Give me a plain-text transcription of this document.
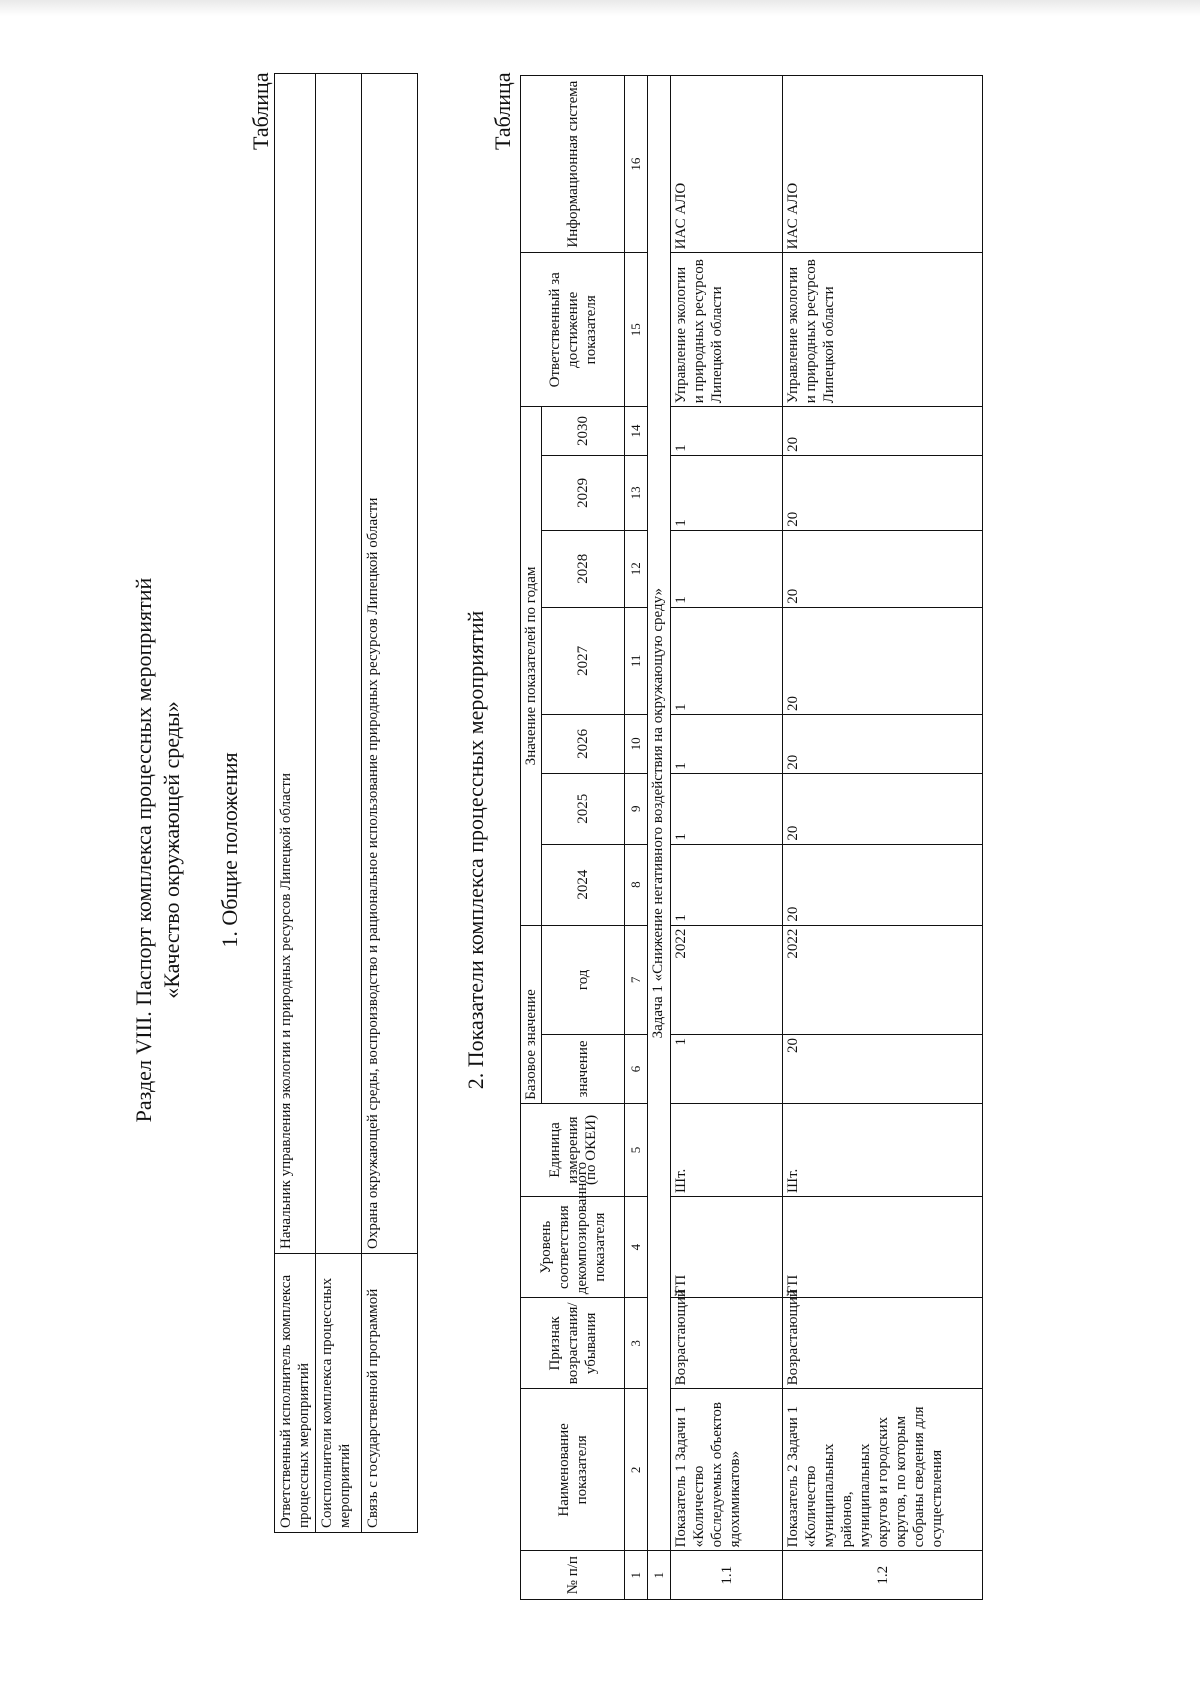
Раздел VIII. Паспорт комплекса процессных мероприятий «Качество окружающей среды» 1. Общие положения
Таблица
Ответственный исполнитель комплекса процессных мероприятий	Начальник управления экологии и природных ресурсов Липецкой области
Соисполнители комплекса процессных мероприятий	
Связь с государственной программой	Охрана окружающей среды, воспроизводство и рациональное использование природных ресурсов Липецкой области	2. Показатели комплекса процессных мероприятий
Таблица
№ п/п	Наименование показателя	Признак возрастания/ убывания	Уровень соответствия декомпозированного показателя	Единица измерения (по ОКЕИ)	Базовое значение		Значение показателей по годам							Ответственный за достижение показателя	Информационная система
					значение	год	2024	2025	2026	2027	2028	2029	2030		

1	2	3	4	5	6	7	8	9	10	11	12	13	14	15	16
1	Задача 1 «Снижение негативного воздействия на окружающую среду»														
1.1	Показатель 1 Задачи 1 «Количество обследуемых объектов ядохимикатов»	Возрастающий	ГП	Шт.	1	2022	1	1	1	1	1	1	1	Управление экологии и природных ресурсов Липецкой области	ИАС АЛО
1.2	Показатель 2 Задачи 1 «Количество муниципальных районов, муниципальных округов и городских округов, по которым собраны сведения для осуществления	Возрастающий	ГП	Шт.	20	2022	20	20	20	20	20	20	20	Управление экологии и природных ресурсов Липецкой области	ИАС АЛО
